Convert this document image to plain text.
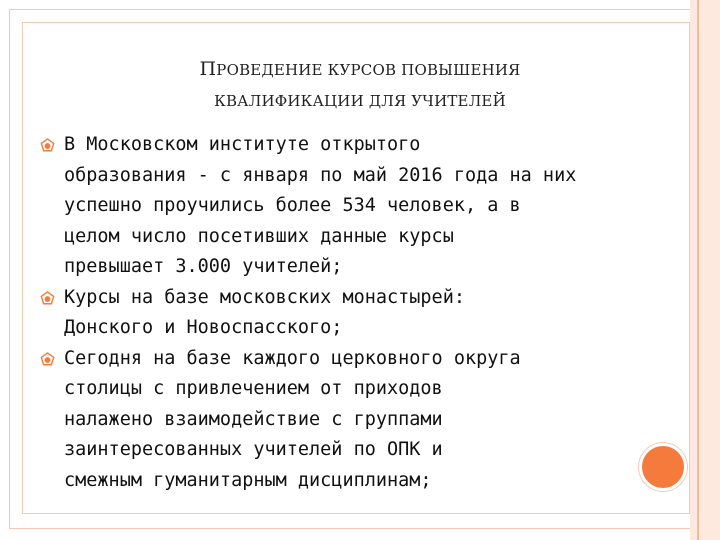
ПРОВЕДЕНИЕ КУРСОВ ПОВЫШЕНИЯ
КВАЛИФИКАЦИИ ДЛЯ УЧИТЕЛЕЙ
В Московском институте открытого
образования - с января по май 2016 года на них
успешно проучились более 534 человек, а в
целом число посетивших данные курсы
превышает 3.000 учителей;
Курсы на базе московских монастырей:
Донского и Новоспасского;
Сегодня на базе каждого церковного округа
столицы с привлечением от приходов
налажено взаимодействие с группами
заинтересованных учителей по ОПК и
смежным гуманитарным дисциплинам;
